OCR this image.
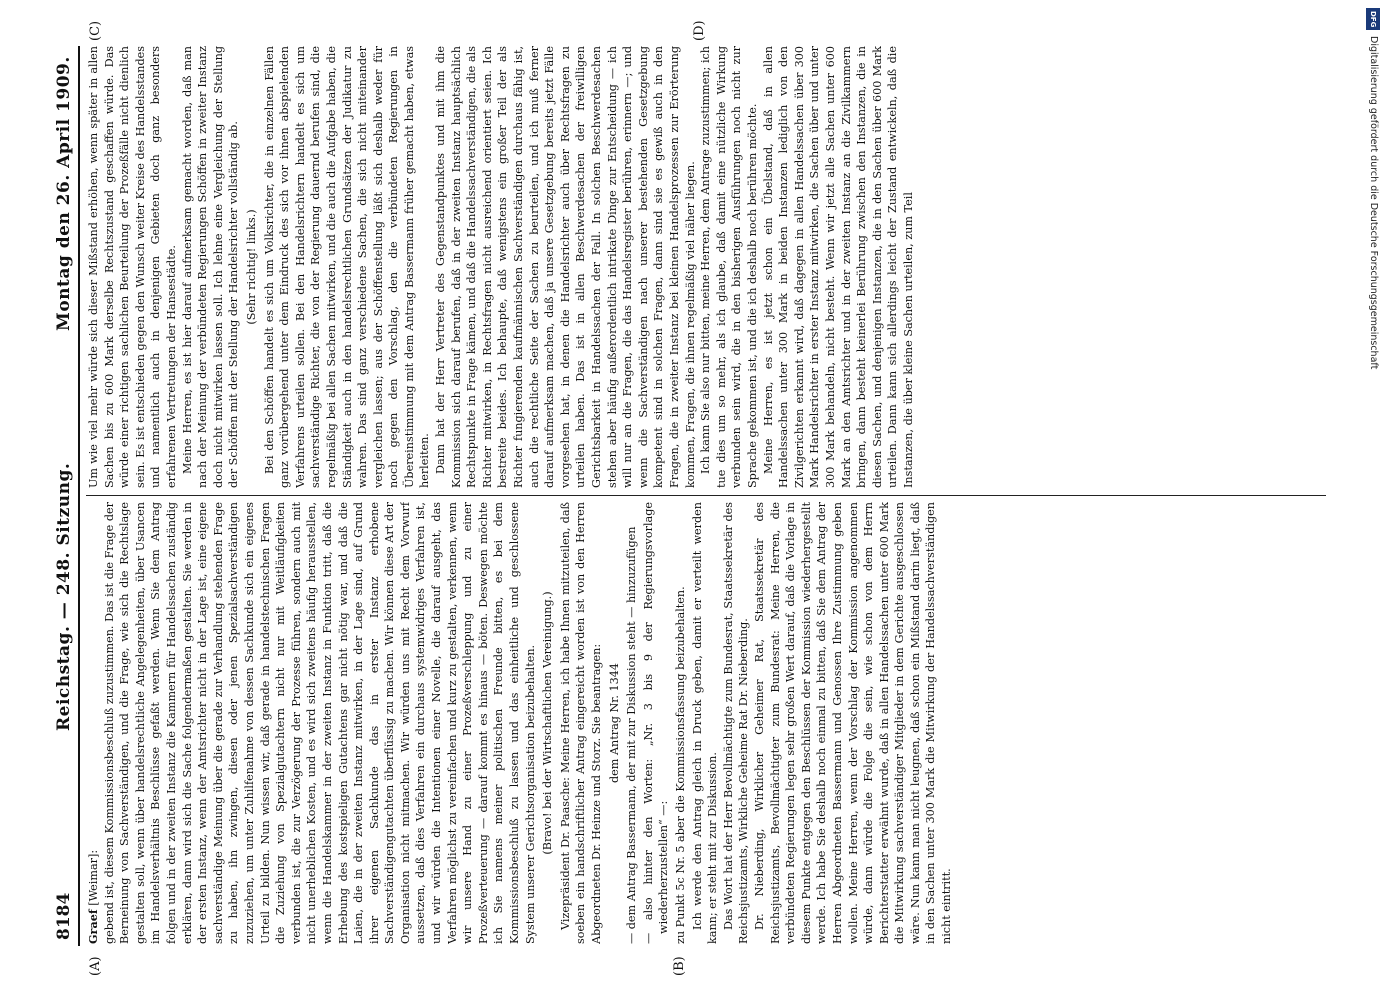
8184
Reichstag. — 248. Sitzung.
Montag den 26. April 1909.
(A)	(B)
(C)	(D)

Graef [Weimar]: gebend ist, diesem Kommissionsbeschluß zuzustimmen. Das ist die Frage der Berneinung von Sachverständigen, und die Frage, wie sich die Rechtslage gestalten soll, wenn über handelsrechtliche Angelegenheiten, über Usancen im Handelsverhältnis Beschlüsse gefaßt werden. Wenn Sie dem Antrag folgen und in der zweiten Instanz die Kammern für Handelssachen zuständig erklären, dann wird sich die Sache folgendermaßen gestalten. Sie werden in der ersten Instanz, wenn der Amtsrichter nicht in der Lage ist, eine eigene sachverständige Meinung über die gerade zur Verhandlung stehenden Frage zu haben, ihn zwingen, diesen oder jenen Spezialsachverständigen zuzuziehen, um unter Zuhilfenahme von dessen Sachkunde sich ein eigenes Urteil zu bilden. Nun wissen wir, daß gerade in handelstechnischen Fragen die Zuziehung von Spezialgutachtern nicht nur mit Weitläufigkeiten verbunden ist, die zur Verzögerung der Prozesse führen, sondern auch mit nicht unerheblichen Kosten, und es wird sich zweitens häufig herausstellen, wenn die Handelskammer in der zweiten Instanz in Funktion tritt, daß die Erhebung des kostspieligen Gutachtens gar nicht nötig war, und daß die Laien, die in der zweiten Instanz mitwirken, in der Lage sind, auf Grund ihrer eigenen Sachkunde das in erster Instanz erhobene Sachverständigengutachten überflüssig zu machen. Wir können diese Art der Organisation nicht mitmachen. Wir würden uns mit Recht dem Vorwurf aussetzen, daß dies Verfahren ein durchaus systemwidriges Verfahren ist, und wir würden die Intentionen einer Novelle, die darauf ausgeht, das Verfahren möglichst zu vereinfachen und kurz zu gestalten, verkennen, wenn wir unsere Hand zu einer Prozeßverschleppung und zu einer Prozeßverteuerung — darauf kommt es hinaus — böten. Deswegen möchte ich Sie namens meiner politischen Freunde bitten, es bei dem Kommissionsbeschluß zu lassen und das einheitliche und geschlossene System unserer Gerichtsorganisation beizubehalten. (Bravo! bei der Wirtschaftlichen Vereinigung.) Vizepräsident Dr. Paasche: Meine Herren, ich habe Ihnen mitzuteilen, daß soeben ein handschriftlicher Antrag eingereicht worden ist von den Herren Abgeordneten Dr. Heinze und Storz. Sie beantragen: dem Antrag Nr. 1344 — dem Antrag Bassermann, der mit zur Diskussion steht — hinzuzufügen — also hinter den Worten: „Nr. 3 bis 9 der Regierungsvorlage wiederherzustellen“ —: zu Punkt 5c Nr. 5 aber die Kommissionsfassung beizubehalten. Ich werde den Antrag gleich in Druck geben, damit er verteilt werden kann; er steht mit zur Diskussion. Das Wort hat der Herr Bevollmächtigte zum Bundesrat, Staatssekretär des Reichsjustizamts, Wirkliche Geheime Rat Dr. Nieberding. Dr. Nieberding, Wirklicher Geheimer Rat, Staatssekretär des Reichsjustizamts, Bevollmächtigter zum Bundesrat: Meine Herren, die verbündeten Regierungen legen sehr großen Wert darauf, daß die Vorlage in diesem Punkte entgegen den Beschlüssen der Kommission wiederhergestellt werde. Ich habe Sie deshalb noch einmal zu bitten, daß Sie dem Antrag der Herren Abgeordneten Bassermann und Genossen Ihre Zustimmung geben wollen. Meine Herren, wenn der Vorschlag der Kommission angenommen würde, dann würde die Folge die sein, wie schon von dem Herrn Berichterstatter erwähnt wurde, daß in allen Handelssachen unter 600 Mark die Mitwirkung sachverständiger Mitglieder in dem Gerichte ausgeschlossen wäre. Nun kann man nicht leugnen, daß schon ein Mißstand darin liegt, daß in den Sachen unter 300 Mark die Mitwirkung der Handelssachverständigen nicht eintritt.

Um wie viel mehr würde sich dieser Mißstand erhöhen, wenn später in allen Sachen bis zu 600 Mark derselbe Rechtszustand geschaffen würde. Das würde einer richtigen sachlichen Beurteilung der Prozeßfälle nicht dienlich sein. Es ist entschieden gegen den Wunsch weiter Kreise des Handelsstandes und namentlich auch in denjenigen Gebieten doch ganz besonders erfahrenen Vertretungen der Hansestädte. Meine Herren, es ist hier darauf aufmerksam gemacht worden, daß man nach der Meinung der verbündeten Regierungen Schöffen in zweiter Instanz doch nicht mitwirken lassen soll. Ich lehne eine Vergleichung der Stellung der Schöffen mit der Stellung der Handelsrichter vollständig ab. (Sehr richtig! links.) Bei den Schöffen handelt es sich um Volksrichter, die in einzelnen Fällen ganz vorübergehend unter dem Eindruck des sich vor ihnen abspielenden Verfahrens urteilen sollen. Bei den Handelsrichtern handelt es sich um sachverständige Richter, die von der Regierung dauernd berufen sind, die regelmäßig bei allen Sachen mitwirken, und die auch die Aufgabe haben, die Ständigkeit auch in den handelsrechtlichen Grundsätzen der Judikatur zu wahren. Das sind ganz verschiedene Sachen, die sich nicht miteinander vergleichen lassen; aus der Schöffenstellung läßt sich deshalb weder für noch gegen den Vorschlag, den die verbündeten Regierungen in Übereinstimmung mit dem Antrag Bassermann früher gemacht haben, etwas herleiten. Dann hat der Herr Vertreter des Gegenstandpunktes und mit ihm die Kommission sich darauf berufen, daß in der zweiten Instanz hauptsächlich Rechtspunkte in Frage kämen, und daß die Handelssachverständigen, die als Richter mitwirken, in Rechtsfragen nicht ausreichend orientiert seien. Ich bestreite beides. Ich behaupte, daß wenigstens ein großer Teil der als Richter fungierenden kaufmännischen Sachverständigen durchaus fähig ist, auch die rechtliche Seite der Sachen zu beurteilen, und ich muß ferner darauf aufmerksam machen, daß ja unsere Gesetzgebung bereits jetzt Fälle vorgesehen hat, in denen die Handelsrichter auch über Rechtsfragen zu urteilen haben. Das ist in allen Beschwerdesachen der freiwilligen Gerichtsbarkeit in Handelssachen der Fall. In solchen Beschwerdesachen stehen aber häufig außerordentlich intrikate Dinge zur Entscheidung — ich will nur an die Fragen, die das Handelsregister berühren, erinnern —; und wenn die Sachverständigen nach unserer bestehenden Gesetzgebung kompetent sind in solchen Fragen, dann sind sie es gewiß auch in den Fragen, die in zweiter Instanz bei kleinen Handelsprozessen zur Erörterung kommen, Fragen, die ihnen regelmäßig viel näher liegen. Ich kann Sie also nur bitten, meine Herren, dem Antrage zuzustimmen; ich tue dies um so mehr, als ich glaube, daß damit eine nützliche Wirkung verbunden sein wird, die in den bisherigen Ausführungen noch nicht zur Sprache gekommen ist, und die ich deshalb noch berühren möchte. Meine Herren, es ist jetzt schon ein Übelstand, daß in allen Handelssachen unter 300 Mark in beiden Instanzen lediglich von den Zivilgerichten erkannt wird, daß dagegen in allen Handelssachen über 300 Mark Handelsrichter in erster Instanz mitwirken, die Sachen über und unter 300 Mark behandeln, nicht besteht. Wenn wir jetzt alle Sachen unter 600 Mark an den Amtsrichter und in der zweiten Instanz an die Zivilkammern bringen, dann besteht keinerlei Berührung zwischen den Instanzen, die in diesen Sachen, und denjenigen Instanzen, die in den Sachen über 600 Mark urteilen. Dann kann sich allerdings leicht der Zustand entwickeln, daß die Instanzen, die über kleine Sachen urteilen, zum Teil

DFG
Digitalisierung gefördert durch die Deutsche Forschungsgemeinschaft
